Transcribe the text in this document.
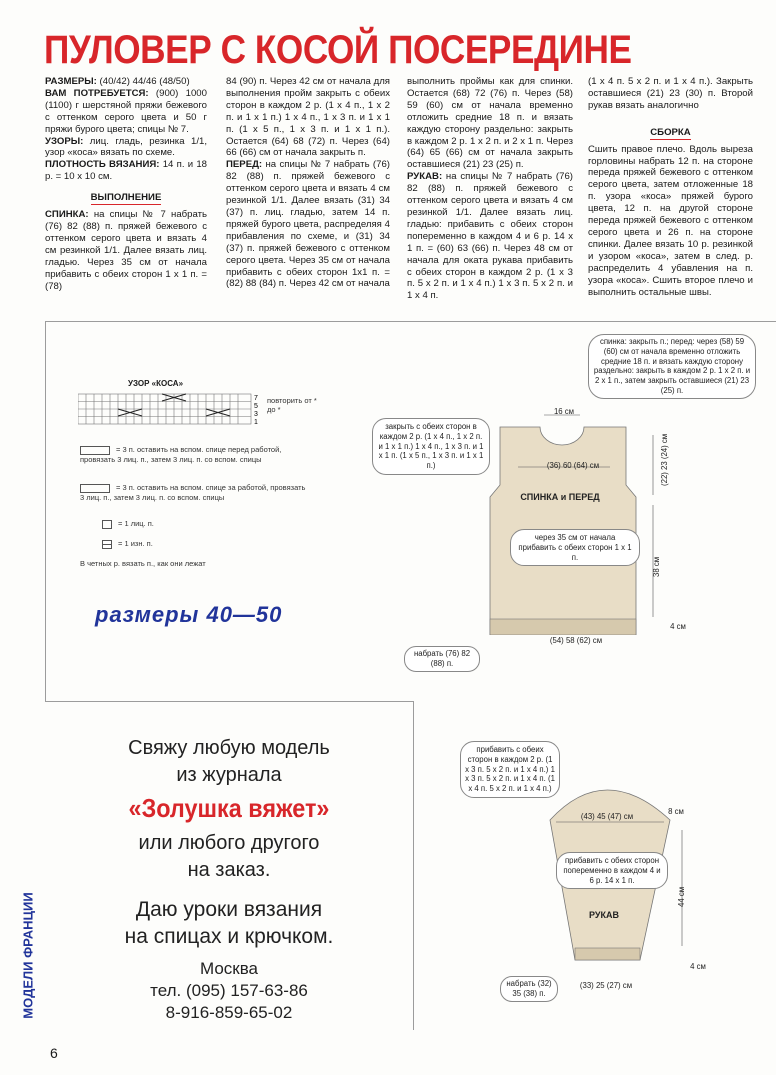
ПУЛОВЕР С КОСОЙ ПОСЕРЕДИНЕ

РАЗМЕРЫ: (40/42) 44/46 (48/50)

ВАМ ПОТРЕБУЕТСЯ: (900) 1000 (1100) г шерстяной пряжи бежевого с оттенком серого цвета и 50 г пряжи бурого цвета; спицы № 7.

УЗОРЫ: лиц. гладь, резинка 1/1, узор «коса» вязать по схеме.

ПЛОТНОСТЬ ВЯЗАНИЯ: 14 п. и 18 р. = 10 х 10 см.

ВЫПОЛНЕНИЕ

СПИНКА: на спицы № 7 набрать (76) 82 (88) п. пряжей бежевого с оттенком серого цвета и вязать 4 см резинкой 1/1. Далее вязать лиц. гладью. Через 35 см от начала прибавить с обеих сторон 1 х 1 п. = (78)

84 (90) п. Через 42 см от начала для выполнения пройм закрыть с обеих сторон в каждом 2 р. (1 х 4 п., 1 х 2 п. и 1 х 1 п.) 1 х 4 п., 1 х 3 п. и 1 х 1 п. (1 х 5 п., 1 х 3 п. и 1 х 1 п.). Остается (64) 68 (72) п. Через (64) 66 (66) см от начала закрыть п.

ПЕРЕД: на спицы № 7 набрать (76) 82 (88) п. пряжей бежевого с оттенком серого цвета и вязать 4 см резинкой 1/1. Далее вязать (31) 34 (37) п. лиц. гладью, затем 14 п. пряжей бурого цвета, распределяя 4 прибавления по схеме, и (31) 34 (37) п. пряжей бежевого с оттенком серого цвета. Через 35 см от начала прибавить с обеих сторон 1х1 п. = (82) 88 (84) п. Через 42 см от начала

выполнить проймы как для спинки. Остается (68) 72 (76) п. Через (58) 59 (60) см от начала временно отложить средние 18 п. и вязать каждую сторону раздельно: закрыть в каждом 2 р. 1 х 2 п. и 2 х 1 п. Через (64) 65 (66) см от начала закрыть оставшиеся (21) 23 (25) п.

РУКАВ: на спицы № 7 набрать (76) 82 (88) п. пряжей бежевого с оттенком серого цвета и вязать 4 см резинкой 1/1. Далее вязать лиц. гладью: прибавить с обеих сторон попеременно в каждом 4 и 6 р. 14 х 1 п. = (60) 63 (66) п. Через 48 см от начала для оката рукава прибавить с обеих сторон в каждом 2 р. (1 х 3 п. 5 х 2 п. и 1 х 4 п.) 1 х 3 п. 5 х 2 п. и 1 х 4 п.

(1 х 4 п. 5 х 2 п. и 1 х 4 п.). Закрыть оставшиеся (21) 23 (30) п. Второй рукав вязать аналогично

СБОРКА

Сшить правое плечо. Вдоль выреза горловины набрать 12 п. на стороне переда пряжей бежевого с оттенком серого цвета, затем отложенные 18 п. узора «коса» пряжей бурого цвета, 12 п. на другой стороне переда пряжей бежевого с оттенком серого цвета и 26 п. на стороне спинки. Далее вязать 10 р. резинкой и узором «коса», затем в след. р. распределить 4 убавления на п. узора «коса». Сшить второе плечо и выполнить остальные швы.

УЗОР «КОСА»
7
5
3
1
повторить от * до *
= 3 п. оставить на вспом. спице перед работой, провязать 3 лиц. п., затем 3 лиц. п. со вспом. спицы
= 3 п. оставить на вспом. спице за работой, провязать 3 лиц. п., затем 3 лиц. п. со вспом. спицы
= 1 лиц. п.
= 1 изн. п.
В четных р. вязать п., как они лежат
размеры 40—50
спинка: закрыть п.; перед: через (58) 59 (60) см от начала временно отложить средние 18 п. и вязать каждую сторону раздельно: закрыть в каждом 2 р. 1 х 2 п. и 2 х 1 п., затем закрыть оставшиеся (21) 23 (25) п.
закрыть с обеих сторон в каждом 2 р. (1 х 4 п., 1 х 2 п. и 1 х 1 п.) 1 х 4 п., 1 х 3 п. и 1 х 1 п. (1 х 5 п., 1 х 3 п. и 1 х 1 п.)
16 см
(36) 60 (64) см	(22) 23 (24) см
СПИНКА и ПЕРЕД
через 35 см от начала прибавить с обеих сторон 1 х 1 п.	38 см
4 см
(54) 58 (62) см
набрать (76) 82 (88) п.
прибавить с обеих сторон в каждом 2 р. (1 х 3 п. 5 х 2 п. и 1 х 4 п.) 1 х 3 п. 5 х 2 п. и 1 х 4 п. (1 х 4 п. 5 х 2 п. и 1 х 4 п.)
(43) 45 (47) см
8 см
прибавить с обеих сторон попеременно в каждом 4 и 6 р. 14 х 1 п.
РУКАВ
44 см
4 см
набрать (32) 35 (38) п.
(33) 25 (27) см
Свяжу любую модель
из журнала
«Золушка вяжет»
или любого другого
на заказ.
Даю уроки вязания
на спицах и крючком.
Москва
тел. (095) 157-63-86
8-916-859-65-02
МОДЕЛИ ФРАНЦИИ
6
